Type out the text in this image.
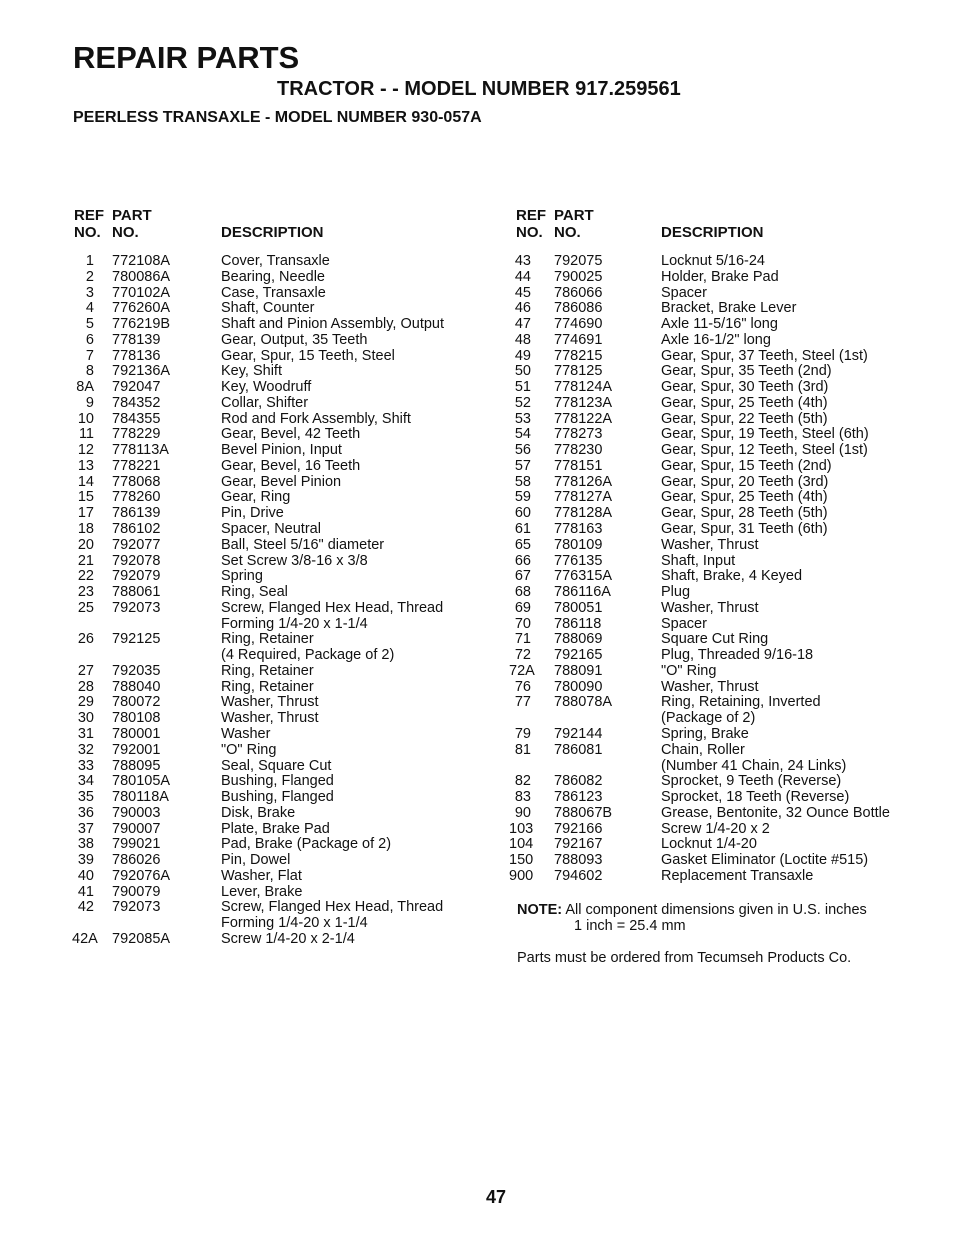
REPAIR PARTS
TRACTOR - - MODEL NUMBER 917.259561
PEERLESS TRANSAXLE - MODEL NUMBER 930-057A
REF
NO.
PART
NO.	DESCRIPTION
REF
NO.
PART
NO.	DESCRIPTION
1 772108A	Cover, Transaxle
2 780086A	Bearing, Needle
3 770102A	Case, Transaxle
4 776260A	Shaft, Counter
5 776219B	Shaft and Pinion Assembly, Output
6 778139	Gear, Output, 35 Teeth
7 778136	Gear, Spur, 15 Teeth, Steel
8 792136A	Key, Shift
8A 792047	Key, Woodruff
9 784352	Collar, Shifter
10 784355	Rod and Fork Assembly, Shift
11 778229	Gear, Bevel, 42 Teeth
12 778113A	Bevel Pinion, Input
13 778221	Gear, Bevel, 16 Teeth
14 778068	Gear, Bevel Pinion
15 778260	Gear, Ring
17 786139	Pin, Drive
18 786102	Spacer, Neutral
20 792077	Ball, Steel 5/16" diameter
21 792078	Set Screw 3/8-16 x 3/8
22 792079	Spring
23 788061	Ring, Seal
25 792073	Screw, Flanged Hex Head, Thread
Forming 1/4-20 x 1-1/4
26 792125	Ring, Retainer
(4 Required, Package of 2)
27 792035	Ring, Retainer
28 788040	Ring, Retainer
29 780072	Washer, Thrust
30 780108	Washer, Thrust
31 780001	Washer
32 792001	"O" Ring
33 788095	Seal, Square Cut
34 780105A	Bushing, Flanged
35 780118A	Bushing, Flanged
36 790003	Disk, Brake
37 790007	Plate, Brake Pad
38 799021	Pad, Brake (Package of 2)
39 786026	Pin, Dowel
40 792076A	Washer, Flat
41 790079	Lever, Brake
42 792073	Screw, Flanged Hex Head, Thread
Forming 1/4-20 x 1-1/4
42A 792085A	Screw 1/4-20 x 2-1/4
43 792075	Locknut 5/16-24
44 790025	Holder, Brake Pad
45 786066	Spacer
46 786086	Bracket, Brake Lever
47 774690	Axle 11-5/16" long
48 774691	Axle 16-1/2" long
49 778215	Gear, Spur, 37 Teeth, Steel (1st)
50 778125	Gear, Spur, 35 Teeth (2nd)
51 778124A	Gear, Spur, 30 Teeth (3rd)
52 778123A	Gear, Spur, 25 Teeth (4th)
53 778122A	Gear, Spur, 22 Teeth (5th)
54 778273	Gear, Spur, 19 Teeth, Steel (6th)
56 778230	Gear, Spur, 12 Teeth, Steel (1st)
57 778151	Gear, Spur, 15 Teeth (2nd)
58 778126A	Gear, Spur, 20 Teeth (3rd)
59 778127A	Gear, Spur, 25 Teeth (4th)
60 778128A	Gear, Spur, 28 Teeth (5th)
61 778163	Gear, Spur, 31 Teeth (6th)
65 780109	Washer, Thrust
66 776135	Shaft, Input
67 776315A	Shaft, Brake, 4 Keyed
68 786116A	Plug
69 780051	Washer, Thrust
70 786118	Spacer
71 788069	Square Cut Ring
72 792165	Plug, Threaded 9/16-18
72A 788091	"O" Ring
76 780090	Washer, Thrust
77 788078A	Ring, Retaining, Inverted
(Package of 2)
79 792144	Spring, Brake
81 786081	Chain, Roller
(Number 41 Chain, 24 Links)
82 786082	Sprocket, 9 Teeth (Reverse)
83 786123	Sprocket, 18 Teeth (Reverse)
90 788067B	Grease, Bentonite, 32 Ounce Bottle
103 792166	Screw 1/4-20 x 2
104 792167	Locknut 1/4-20
150 788093	Gasket Eliminator (Loctite #515)
900 794602	Replacement Transaxle
NOTE: All component dimensions given in U.S. inches
1 inch = 25.4 mm
Parts must be ordered from Tecumseh Products Co.
47
